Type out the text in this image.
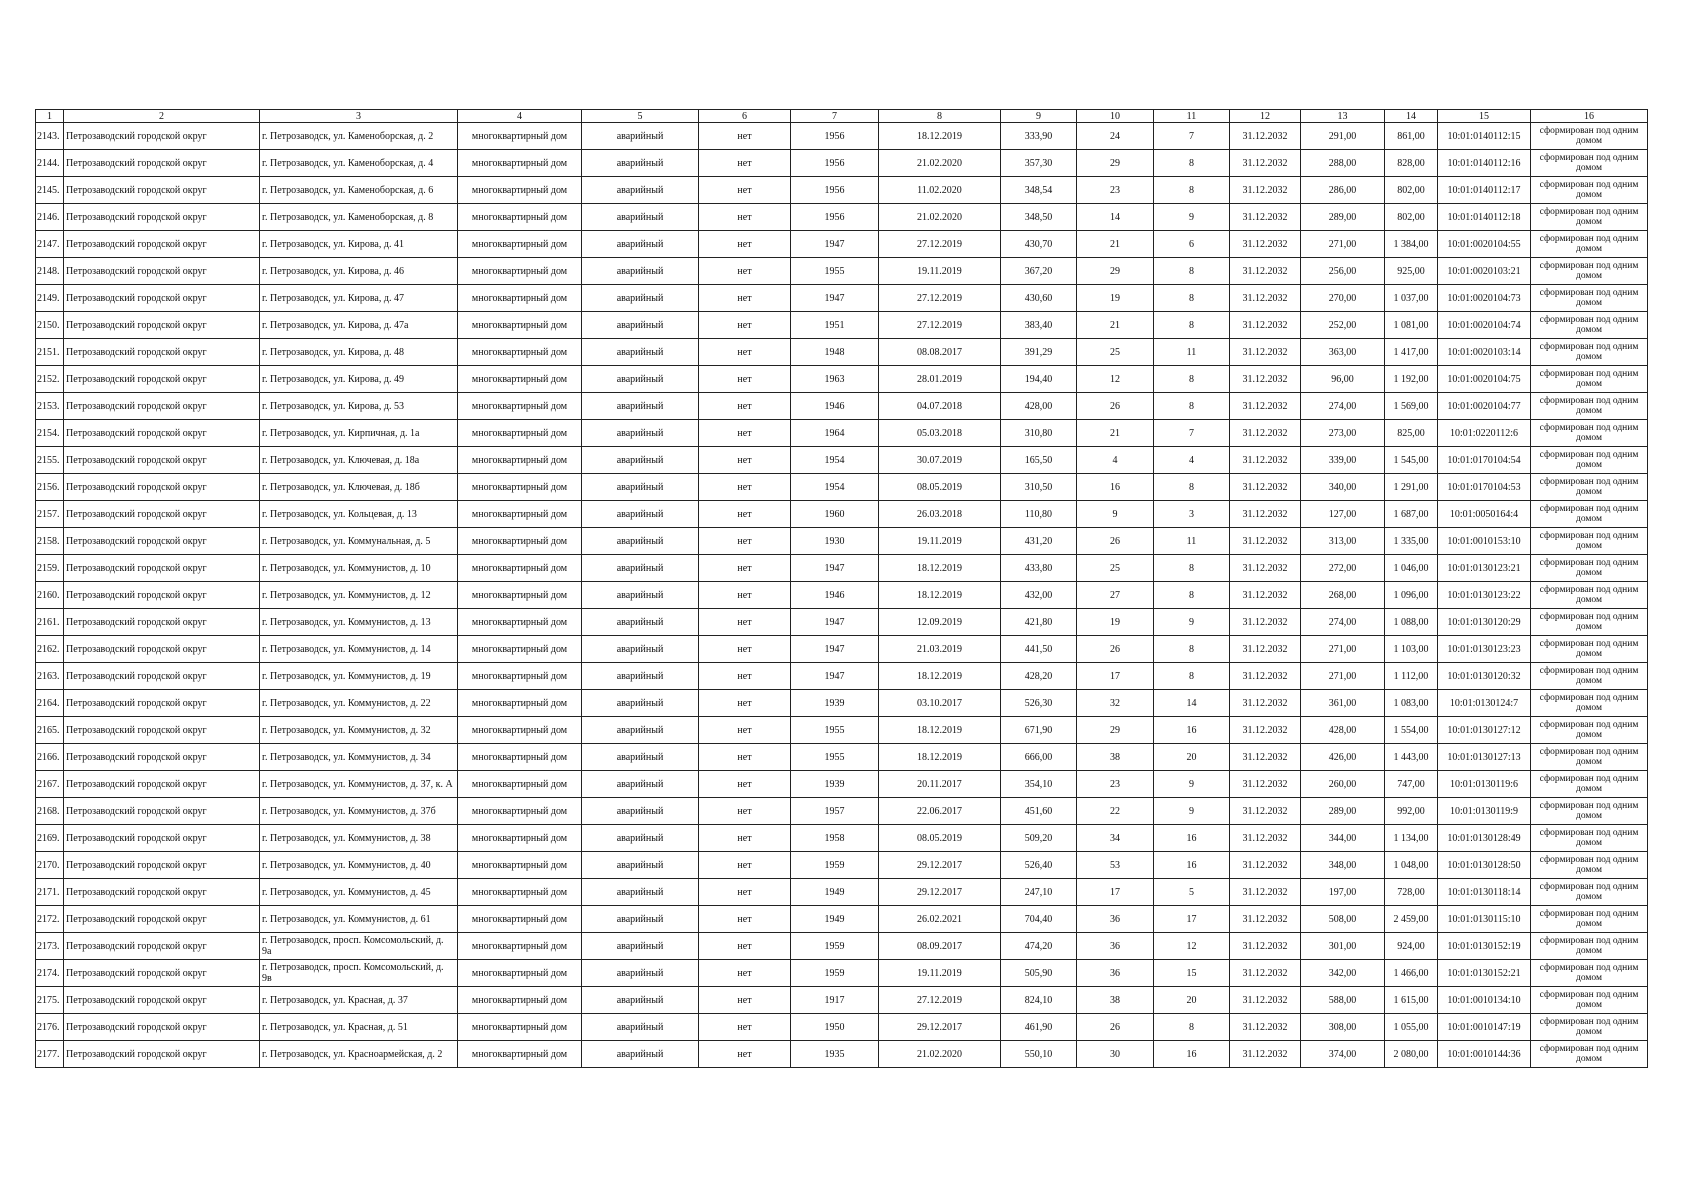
1	2	3	4	5	6	7	8	9	10	11	12	13	14	15	16
2143.	Петрозаводский городской округ	г. Петрозаводск, ул. Каменоборская, д. 2	многоквартирный дом	аварийный	нет	1956	18.12.2019	333,90	24	7	31.12.2032	291,00	861,00	10:01:0140112:15	сформирован под одним домом
2144.	Петрозаводский городской округ	г. Петрозаводск, ул. Каменоборская, д. 4	многоквартирный дом	аварийный	нет	1956	21.02.2020	357,30	29	8	31.12.2032	288,00	828,00	10:01:0140112:16	сформирован под одним домом
2145.	Петрозаводский городской округ	г. Петрозаводск, ул. Каменоборская, д. 6	многоквартирный дом	аварийный	нет	1956	11.02.2020	348,54	23	8	31.12.2032	286,00	802,00	10:01:0140112:17	сформирован под одним домом
2146.	Петрозаводский городской округ	г. Петрозаводск, ул. Каменоборская, д. 8	многоквартирный дом	аварийный	нет	1956	21.02.2020	348,50	14	9	31.12.2032	289,00	802,00	10:01:0140112:18	сформирован под одним домом
2147.	Петрозаводский городской округ	г. Петрозаводск, ул. Кирова, д. 41	многоквартирный дом	аварийный	нет	1947	27.12.2019	430,70	21	6	31.12.2032	271,00	1 384,00	10:01:0020104:55	сформирован под одним домом
2148.	Петрозаводский городской округ	г. Петрозаводск, ул. Кирова, д. 46	многоквартирный дом	аварийный	нет	1955	19.11.2019	367,20	29	8	31.12.2032	256,00	925,00	10:01:0020103:21	сформирован под одним домом
2149.	Петрозаводский городской округ	г. Петрозаводск, ул. Кирова, д. 47	многоквартирный дом	аварийный	нет	1947	27.12.2019	430,60	19	8	31.12.2032	270,00	1 037,00	10:01:0020104:73	сформирован под одним домом
2150.	Петрозаводский городской округ	г. Петрозаводск, ул. Кирова, д. 47а	многоквартирный дом	аварийный	нет	1951	27.12.2019	383,40	21	8	31.12.2032	252,00	1 081,00	10:01:0020104:74	сформирован под одним домом
2151.	Петрозаводский городской округ	г. Петрозаводск, ул. Кирова, д. 48	многоквартирный дом	аварийный	нет	1948	08.08.2017	391,29	25	11	31.12.2032	363,00	1 417,00	10:01:0020103:14	сформирован под одним домом
2152.	Петрозаводский городской округ	г. Петрозаводск, ул. Кирова, д. 49	многоквартирный дом	аварийный	нет	1963	28.01.2019	194,40	12	8	31.12.2032	96,00	1 192,00	10:01:0020104:75	сформирован под одним домом
2153.	Петрозаводский городской округ	г. Петрозаводск, ул. Кирова, д. 53	многоквартирный дом	аварийный	нет	1946	04.07.2018	428,00	26	8	31.12.2032	274,00	1 569,00	10:01:0020104:77	сформирован под одним домом
2154.	Петрозаводский городской округ	г. Петрозаводск, ул. Кирпичная, д. 1а	многоквартирный дом	аварийный	нет	1964	05.03.2018	310,80	21	7	31.12.2032	273,00	825,00	10:01:0220112:6	сформирован под одним домом
2155.	Петрозаводский городской округ	г. Петрозаводск, ул. Ключевая, д. 18а	многоквартирный дом	аварийный	нет	1954	30.07.2019	165,50	4	4	31.12.2032	339,00	1 545,00	10:01:0170104:54	сформирован под одним домом
2156.	Петрозаводский городской округ	г. Петрозаводск, ул. Ключевая, д. 18б	многоквартирный дом	аварийный	нет	1954	08.05.2019	310,50	16	8	31.12.2032	340,00	1 291,00	10:01:0170104:53	сформирован под одним домом
2157.	Петрозаводский городской округ	г. Петрозаводск, ул. Кольцевая, д. 13	многоквартирный дом	аварийный	нет	1960	26.03.2018	110,80	9	3	31.12.2032	127,00	1 687,00	10:01:0050164:4	сформирован под одним домом
2158.	Петрозаводский городской округ	г. Петрозаводск, ул. Коммунальная, д. 5	многоквартирный дом	аварийный	нет	1930	19.11.2019	431,20	26	11	31.12.2032	313,00	1 335,00	10:01:0010153:10	сформирован под одним домом
2159.	Петрозаводский городской округ	г. Петрозаводск, ул. Коммунистов, д. 10	многоквартирный дом	аварийный	нет	1947	18.12.2019	433,80	25	8	31.12.2032	272,00	1 046,00	10:01:0130123:21	сформирован под одним домом
2160.	Петрозаводский городской округ	г. Петрозаводск, ул. Коммунистов, д. 12	многоквартирный дом	аварийный	нет	1946	18.12.2019	432,00	27	8	31.12.2032	268,00	1 096,00	10:01:0130123:22	сформирован под одним домом
2161.	Петрозаводский городской округ	г. Петрозаводск, ул. Коммунистов, д. 13	многоквартирный дом	аварийный	нет	1947	12.09.2019	421,80	19	9	31.12.2032	274,00	1 088,00	10:01:0130120:29	сформирован под одним домом
2162.	Петрозаводский городской округ	г. Петрозаводск, ул. Коммунистов, д. 14	многоквартирный дом	аварийный	нет	1947	21.03.2019	441,50	26	8	31.12.2032	271,00	1 103,00	10:01:0130123:23	сформирован под одним домом
2163.	Петрозаводский городской округ	г. Петрозаводск, ул. Коммунистов, д. 19	многоквартирный дом	аварийный	нет	1947	18.12.2019	428,20	17	8	31.12.2032	271,00	1 112,00	10:01:0130120:32	сформирован под одним домом
2164.	Петрозаводский городской округ	г. Петрозаводск, ул. Коммунистов, д. 22	многоквартирный дом	аварийный	нет	1939	03.10.2017	526,30	32	14	31.12.2032	361,00	1 083,00	10:01:0130124:7	сформирован под одним домом
2165.	Петрозаводский городской округ	г. Петрозаводск, ул. Коммунистов, д. 32	многоквартирный дом	аварийный	нет	1955	18.12.2019	671,90	29	16	31.12.2032	428,00	1 554,00	10:01:0130127:12	сформирован под одним домом
2166.	Петрозаводский городской округ	г. Петрозаводск, ул. Коммунистов, д. 34	многоквартирный дом	аварийный	нет	1955	18.12.2019	666,00	38	20	31.12.2032	426,00	1 443,00	10:01:0130127:13	сформирован под одним домом
2167.	Петрозаводский городской округ	г. Петрозаводск, ул. Коммунистов, д. 37, к. А	многоквартирный дом	аварийный	нет	1939	20.11.2017	354,10	23	9	31.12.2032	260,00	747,00	10:01:0130119:6	сформирован под одним домом
2168.	Петрозаводский городской округ	г. Петрозаводск, ул. Коммунистов, д. 37б	многоквартирный дом	аварийный	нет	1957	22.06.2017	451,60	22	9	31.12.2032	289,00	992,00	10:01:0130119:9	сформирован под одним домом
2169.	Петрозаводский городской округ	г. Петрозаводск, ул. Коммунистов, д. 38	многоквартирный дом	аварийный	нет	1958	08.05.2019	509,20	34	16	31.12.2032	344,00	1 134,00	10:01:0130128:49	сформирован под одним домом
2170.	Петрозаводский городской округ	г. Петрозаводск, ул. Коммунистов, д. 40	многоквартирный дом	аварийный	нет	1959	29.12.2017	526,40	53	16	31.12.2032	348,00	1 048,00	10:01:0130128:50	сформирован под одним домом
2171.	Петрозаводский городской округ	г. Петрозаводск, ул. Коммунистов, д. 45	многоквартирный дом	аварийный	нет	1949	29.12.2017	247,10	17	5	31.12.2032	197,00	728,00	10:01:0130118:14	сформирован под одним домом
2172.	Петрозаводский городской округ	г. Петрозаводск, ул. Коммунистов, д. 61	многоквартирный дом	аварийный	нет	1949	26.02.2021	704,40	36	17	31.12.2032	508,00	2 459,00	10:01:0130115:10	сформирован под одним домом
2173.	Петрозаводский городской округ	г. Петрозаводск, просп. Комсомольский, д. 9а	многоквартирный дом	аварийный	нет	1959	08.09.2017	474,20	36	12	31.12.2032	301,00	924,00	10:01:0130152:19	сформирован под одним домом
2174.	Петрозаводский городской округ	г. Петрозаводск, просп. Комсомольский, д. 9в	многоквартирный дом	аварийный	нет	1959	19.11.2019	505,90	36	15	31.12.2032	342,00	1 466,00	10:01:0130152:21	сформирован под одним домом
2175.	Петрозаводский городской округ	г. Петрозаводск, ул. Красная, д. 37	многоквартирный дом	аварийный	нет	1917	27.12.2019	824,10	38	20	31.12.2032	588,00	1 615,00	10:01:0010134:10	сформирован под одним домом
2176.	Петрозаводский городской округ	г. Петрозаводск, ул. Красная, д. 51	многоквартирный дом	аварийный	нет	1950	29.12.2017	461,90	26	8	31.12.2032	308,00	1 055,00	10:01:0010147:19	сформирован под одним домом
2177.	Петрозаводский городской округ	г. Петрозаводск, ул. Красноармейская, д. 2	многоквартирный дом	аварийный	нет	1935	21.02.2020	550,10	30	16	31.12.2032	374,00	2 080,00	10:01:0010144:36	сформирован под одним домом
